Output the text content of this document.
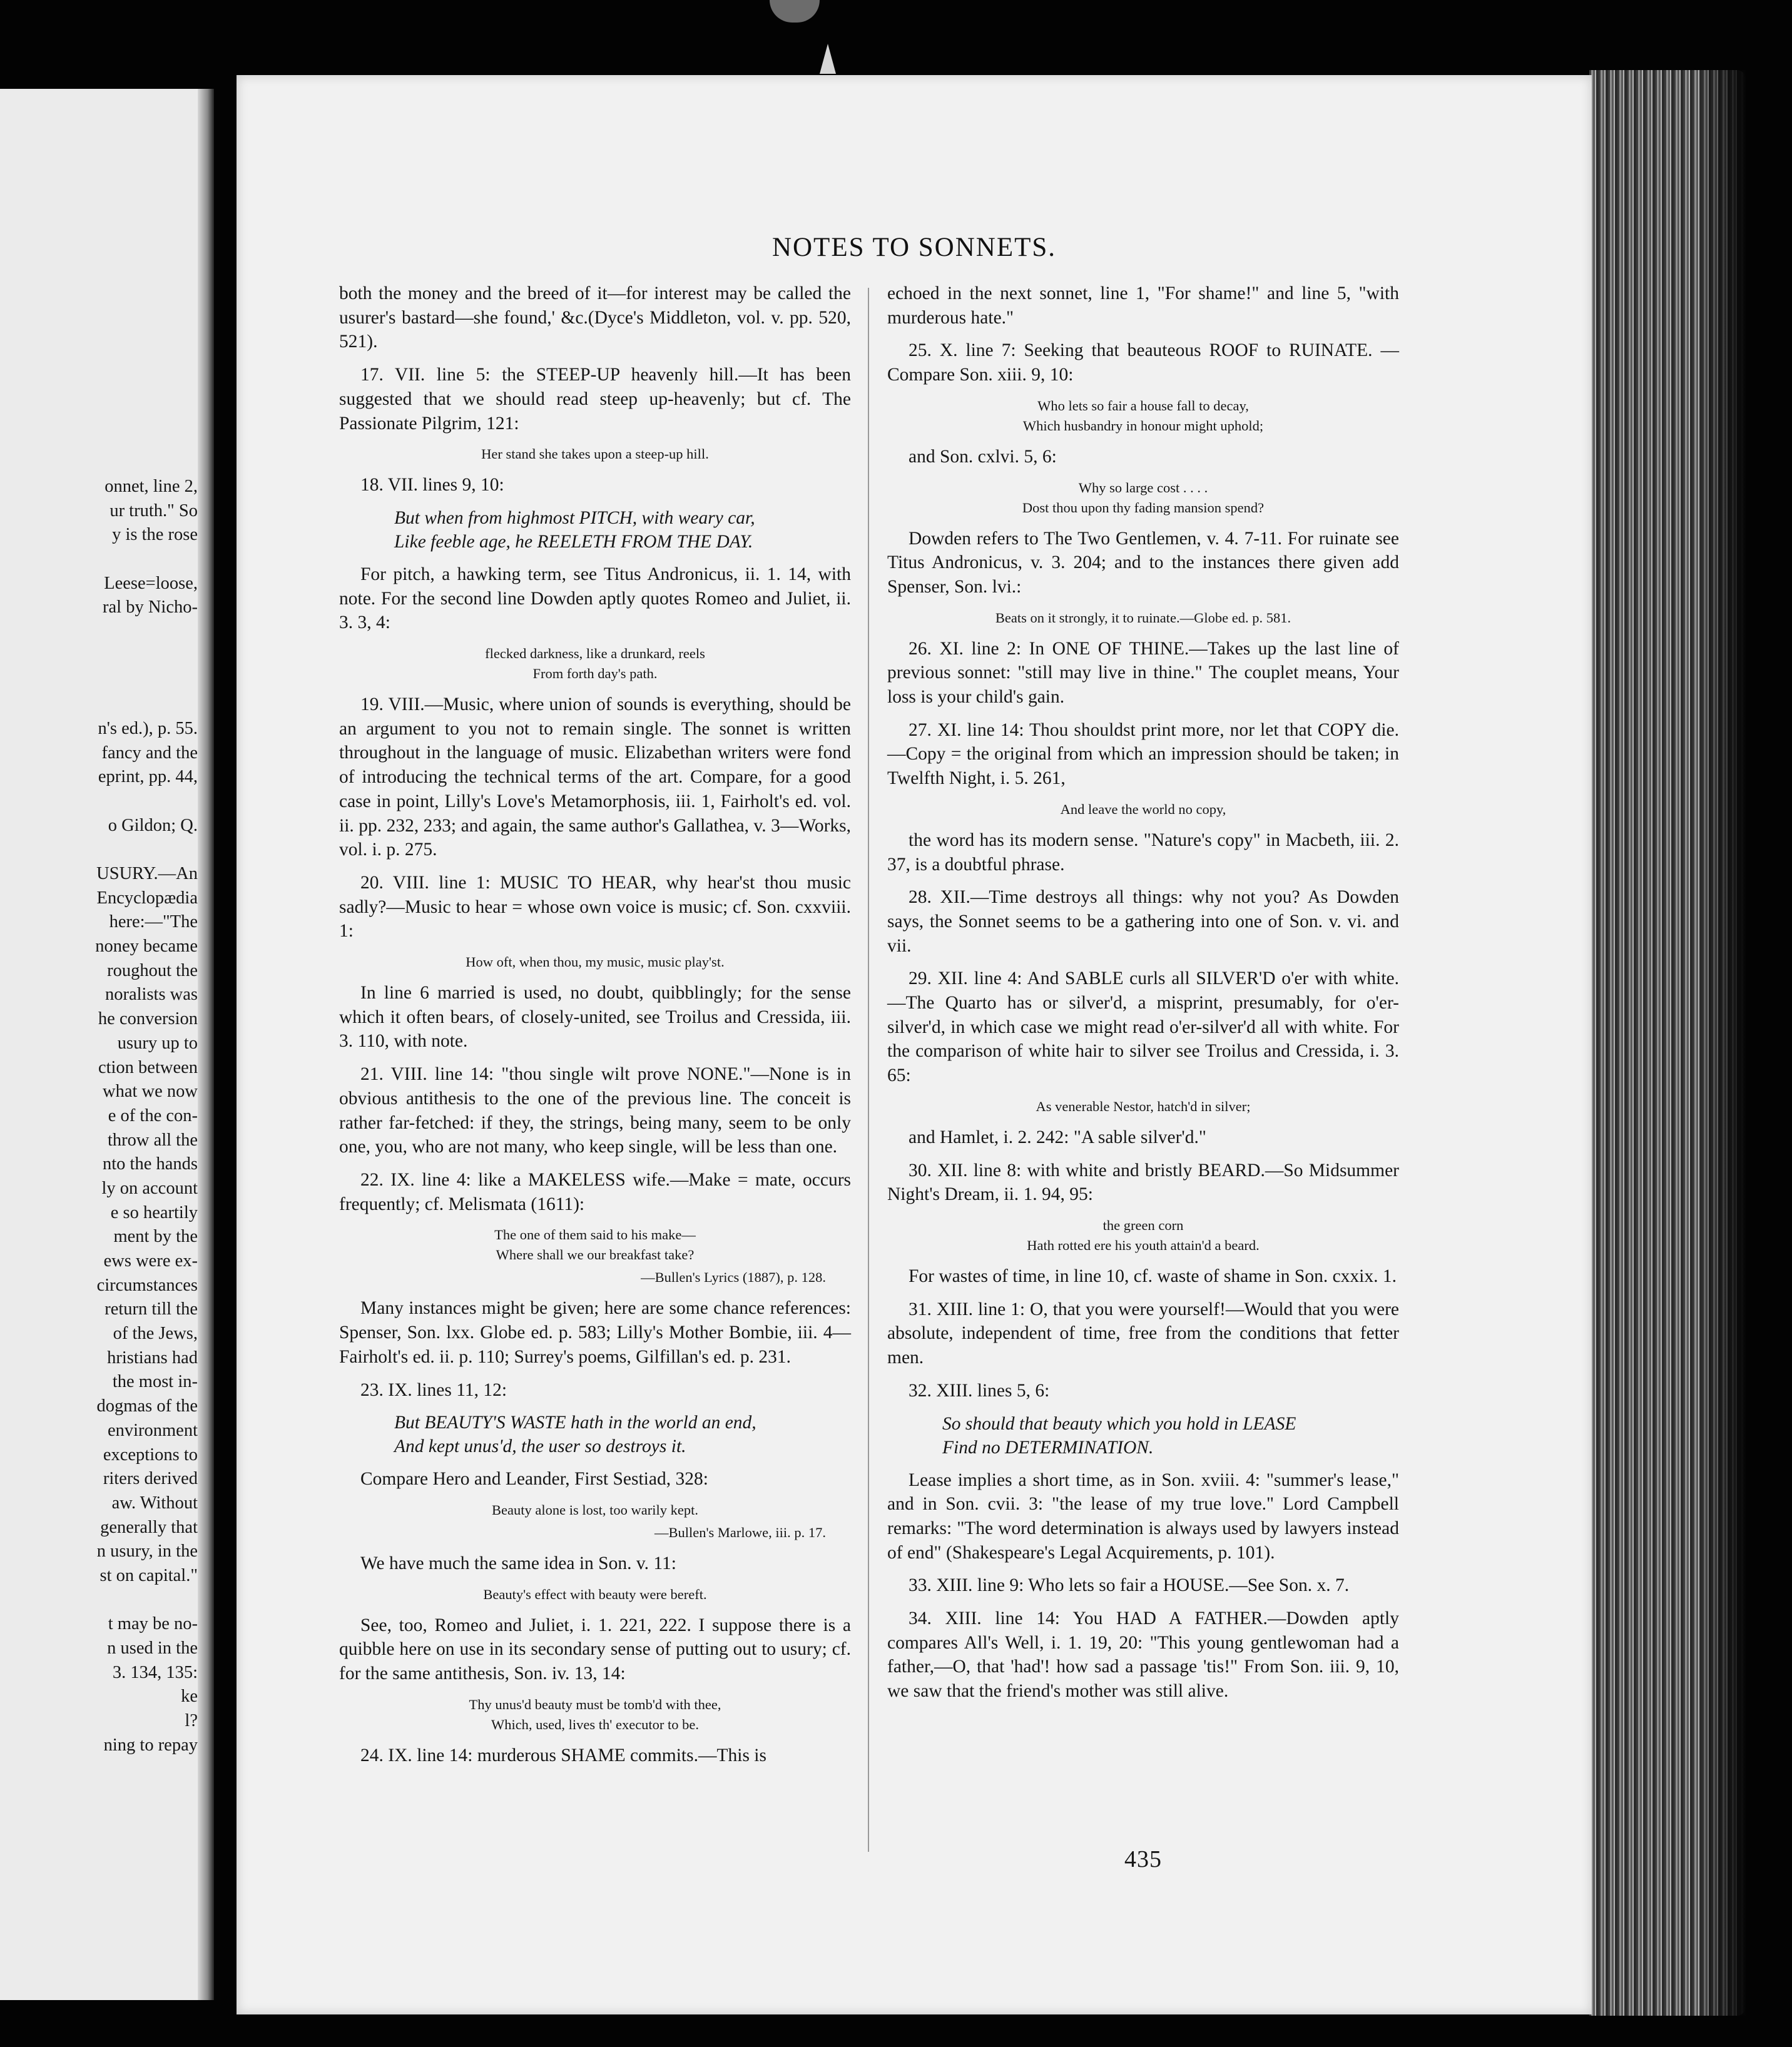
onnet, line 2,
ur truth." So
y is the rose
Leese=loose,
ral by Nicho-
n's ed.), p. 55.
fancy and the
eprint, pp. 44,
o Gildon; Q.
USURY.—An
Encyclopædia
here:—"The
noney became
roughout the
noralists was
he conversion
usury up to
ction between
what we now
e of the con-
throw all the
nto the hands
ly on account
e so heartily
ment by the
ews were ex-
circumstances
return till the
of the Jews,
hristians had
the most in-
dogmas of the
environment
exceptions to
riters derived
aw. Without
generally that
n usury, in the
st on capital."
t may be no-
n used in the
3. 134, 135:
ke
l?
ning to repay
NOTES TO SONNETS.
both the money and the breed of it—for interest may be called the usurer's bastard—she found,' &c.(Dyce's Middleton, vol. v. pp. 520, 521).
17. VII. line 5: the STEEP-UP heavenly hill.—It has been suggested that we should read steep up-heavenly; but cf. The Passionate Pilgrim, 121:
Her stand she takes upon a steep-up hill.
18. VII. lines 9, 10:
But when from highmost PITCH, with weary car,
Like feeble age, he REELETH FROM THE DAY.
For pitch, a hawking term, see Titus Andronicus, ii. 1. 14, with note. For the second line Dowden aptly quotes Romeo and Juliet, ii. 3. 3, 4:
flecked darkness, like a drunkard, reels
From forth day's path.
19. VIII.—Music, where union of sounds is everything, should be an argument to you not to remain single. The sonnet is written throughout in the language of music. Elizabethan writers were fond of introducing the technical terms of the art. Compare, for a good case in point, Lilly's Love's Metamorphosis, iii. 1, Fairholt's ed. vol. ii. pp. 232, 233; and again, the same author's Gallathea, v. 3—Works, vol. i. p. 275.
20. VIII. line 1: MUSIC TO HEAR, why hear'st thou music sadly?—Music to hear = whose own voice is music; cf. Son. cxxviii. 1:
How oft, when thou, my music, music play'st.
In line 6 married is used, no doubt, quibblingly; for the sense which it often bears, of closely-united, see Troilus and Cressida, iii. 3. 110, with note.
21. VIII. line 14: "thou single wilt prove NONE."—None is in obvious antithesis to the one of the previous line. The conceit is rather far-fetched: if they, the strings, being many, seem to be only one, you, who are not many, who keep single, will be less than one.
22. IX. line 4: like a MAKELESS wife.—Make = mate, occurs frequently; cf. Melismata (1611):
The one of them said to his make—
Where shall we our breakfast take?
—Bullen's Lyrics (1887), p. 128.
Many instances might be given; here are some chance references: Spenser, Son. lxx. Globe ed. p. 583; Lilly's Mother Bombie, iii. 4—Fairholt's ed. ii. p. 110; Surrey's poems, Gilfillan's ed. p. 231.
23. IX. lines 11, 12:
But BEAUTY'S WASTE hath in the world an end,
And kept unus'd, the user so destroys it.
Compare Hero and Leander, First Sestiad, 328:
Beauty alone is lost, too warily kept.
—Bullen's Marlowe, iii. p. 17.
We have much the same idea in Son. v. 11:
Beauty's effect with beauty were bereft.
See, too, Romeo and Juliet, i. 1. 221, 222. I suppose there is a quibble here on use in its secondary sense of putting out to usury; cf. for the same antithesis, Son. iv. 13, 14:
Thy unus'd beauty must be tomb'd with thee,
Which, used, lives th' executor to be.
24. IX. line 14: murderous SHAME commits.—This is
echoed in the next sonnet, line 1, "For shame!" and line 5, "with murderous hate."
25. X. line 7: Seeking that beauteous ROOF to RUINATE. —Compare Son. xiii. 9, 10:
Who lets so fair a house fall to decay,
Which husbandry in honour might uphold;
and Son. cxlvi. 5, 6:
Why so large cost . . . .
Dost thou upon thy fading mansion spend?
Dowden refers to The Two Gentlemen, v. 4. 7-11. For ruinate see Titus Andronicus, v. 3. 204; and to the instances there given add Spenser, Son. lvi.:
Beats on it strongly, it to ruinate.—Globe ed. p. 581.
26. XI. line 2: In ONE OF THINE.—Takes up the last line of previous sonnet: "still may live in thine." The couplet means, Your loss is your child's gain.
27. XI. line 14: Thou shouldst print more, nor let that COPY die.—Copy = the original from which an impression should be taken; in Twelfth Night, i. 5. 261,
And leave the world no copy,
the word has its modern sense. "Nature's copy" in Macbeth, iii. 2. 37, is a doubtful phrase.
28. XII.—Time destroys all things: why not you? As Dowden says, the Sonnet seems to be a gathering into one of Son. v. vi. and vii.
29. XII. line 4: And SABLE curls all SILVER'D o'er with white.—The Quarto has or silver'd, a misprint, presumably, for o'er-silver'd, in which case we might read o'er-silver'd all with white. For the comparison of white hair to silver see Troilus and Cressida, i. 3. 65:
As venerable Nestor, hatch'd in silver;
and Hamlet, i. 2. 242: "A sable silver'd."
30. XII. line 8: with white and bristly BEARD.—So Midsummer Night's Dream, ii. 1. 94, 95:
the green corn
Hath rotted ere his youth attain'd a beard.
For wastes of time, in line 10, cf. waste of shame in Son. cxxix. 1.
31. XIII. line 1: O, that you were yourself!—Would that you were absolute, independent of time, free from the conditions that fetter men.
32. XIII. lines 5, 6:
So should that beauty which you hold in LEASE
Find no DETERMINATION.
Lease implies a short time, as in Son. xviii. 4: "summer's lease," and in Son. cvii. 3: "the lease of my true love." Lord Campbell remarks: "The word determination is always used by lawyers instead of end" (Shakespeare's Legal Acquirements, p. 101).
33. XIII. line 9: Who lets so fair a HOUSE.—See Son. x. 7.
34. XIII. line 14: You HAD A FATHER.—Dowden aptly compares All's Well, i. 1. 19, 20: "This young gentlewoman had a father,—O, that 'had'! how sad a passage 'tis!" From Son. iii. 9, 10, we saw that the friend's mother was still alive.
435
